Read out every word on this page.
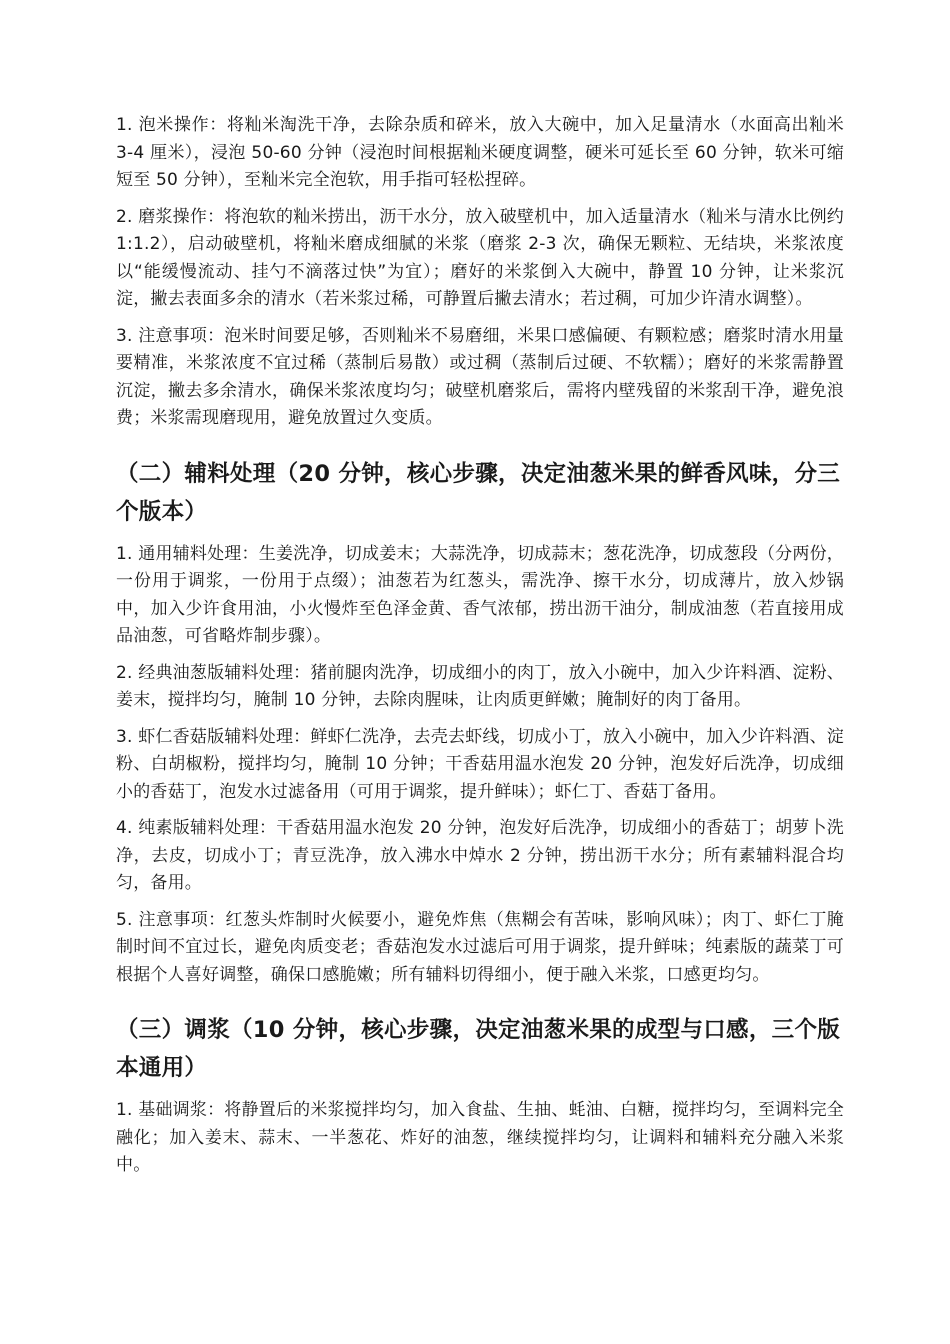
1. 泡米操作：将籼米淘洗干净，去除杂质和碎米，放入大碗中，加入足量清水（水面高出籼米 3-4 厘米），浸泡 50-60 分钟（浸泡时间根据籼米硬度调整，硬米可延长至 60 分钟，软米可缩短至 50 分钟），至籼米完全泡软，用手指可轻松捏碎。

2. 磨浆操作：将泡软的籼米捞出，沥干水分，放入破壁机中，加入适量清水（籼米与清水比例约 1:1.2），启动破壁机，将籼米磨成细腻的米浆（磨浆 2-3 次，确保无颗粒、无结块，米浆浓度以“能缓慢流动、挂勺不滴落过快”为宜）；磨好的米浆倒入大碗中，静置 10 分钟，让米浆沉淀，撇去表面多余的清水（若米浆过稀，可静置后撇去清水；若过稠，可加少许清水调整）。

3. 注意事项：泡米时间要足够，否则籼米不易磨细，米果口感偏硬、有颗粒感；磨浆时清水用量要精准，米浆浓度不宜过稀（蒸制后易散）或过稠（蒸制后过硬、不软糯）；磨好的米浆需静置沉淀，撇去多余清水，确保米浆浓度均匀；破壁机磨浆后，需将内壁残留的米浆刮干净，避免浪费；米浆需现磨现用，避免放置过久变质。

（二）辅料处理（20 分钟，核心步骤，决定油葱米果的鲜香风味，分三个版本）

1. 通用辅料处理：生姜洗净，切成姜末；大蒜洗净，切成蒜末；葱花洗净，切成葱段（分两份，一份用于调浆，一份用于点缀）；油葱若为红葱头，需洗净、擦干水分，切成薄片，放入炒锅中，加入少许食用油，小火慢炸至色泽金黄、香气浓郁，捞出沥干油分，制成油葱（若直接用成品油葱，可省略炸制步骤）。

2. 经典油葱版辅料处理：猪前腿肉洗净，切成细小的肉丁，放入小碗中，加入少许料酒、淀粉、姜末，搅拌均匀，腌制 10 分钟，去除肉腥味，让肉质更鲜嫩；腌制好的肉丁备用。

3. 虾仁香菇版辅料处理：鲜虾仁洗净，去壳去虾线，切成小丁，放入小碗中，加入少许料酒、淀粉、白胡椒粉，搅拌均匀，腌制 10 分钟；干香菇用温水泡发 20 分钟，泡发好后洗净，切成细小的香菇丁，泡发水过滤备用（可用于调浆，提升鲜味）；虾仁丁、香菇丁备用。

4. 纯素版辅料处理：干香菇用温水泡发 20 分钟，泡发好后洗净，切成细小的香菇丁；胡萝卜洗净，去皮，切成小丁；青豆洗净，放入沸水中焯水 2 分钟，捞出沥干水分；所有素辅料混合均匀，备用。

5. 注意事项：红葱头炸制时火候要小，避免炸焦（焦糊会有苦味，影响风味）；肉丁、虾仁丁腌制时间不宜过长，避免肉质变老；香菇泡发水过滤后可用于调浆，提升鲜味；纯素版的蔬菜丁可根据个人喜好调整，确保口感脆嫩；所有辅料切得细小，便于融入米浆，口感更均匀。

（三）调浆（10 分钟，核心步骤，决定油葱米果的成型与口感，三个版本通用）

1. 基础调浆：将静置后的米浆搅拌均匀，加入食盐、生抽、蚝油、白糖，搅拌均匀，至调料完全融化；加入姜末、蒜末、一半葱花、炸好的油葱，继续搅拌均匀，让调料和辅料充分融入米浆中。
